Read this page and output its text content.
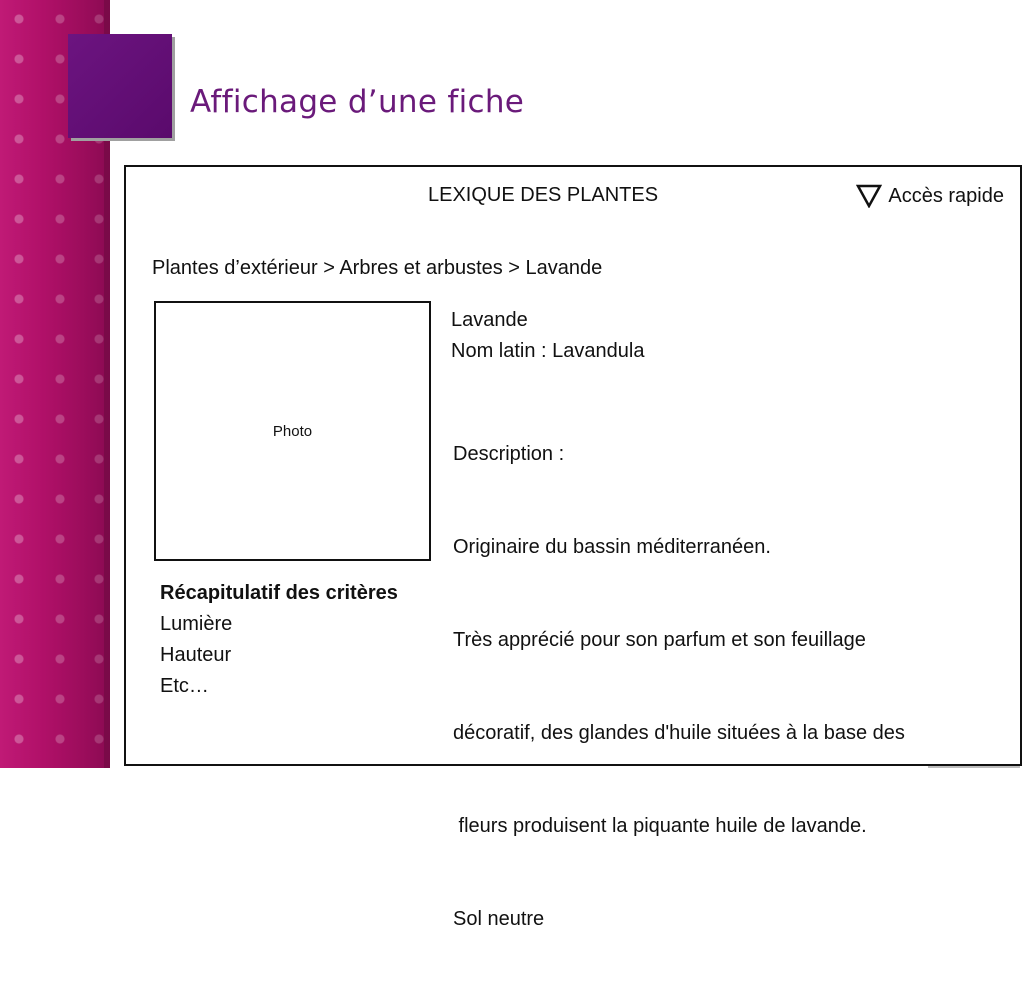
Affichage d’une fiche
LEXIQUE DES PLANTES	Accès rapide
Plantes d’extérieur > Arbres et arbustes > Lavande
Photo
Lavande
Nom latin : Lavandula

Description :

Originaire du bassin méditerranéen.

Très apprécié pour son parfum et son feuillage

décoratif, des glandes d'huile situées à la base des

fleurs produisent la piquante huile de lavande.

Sol neutre

Récapitulatif des critères
Lumière
Hauteur
Etc…
